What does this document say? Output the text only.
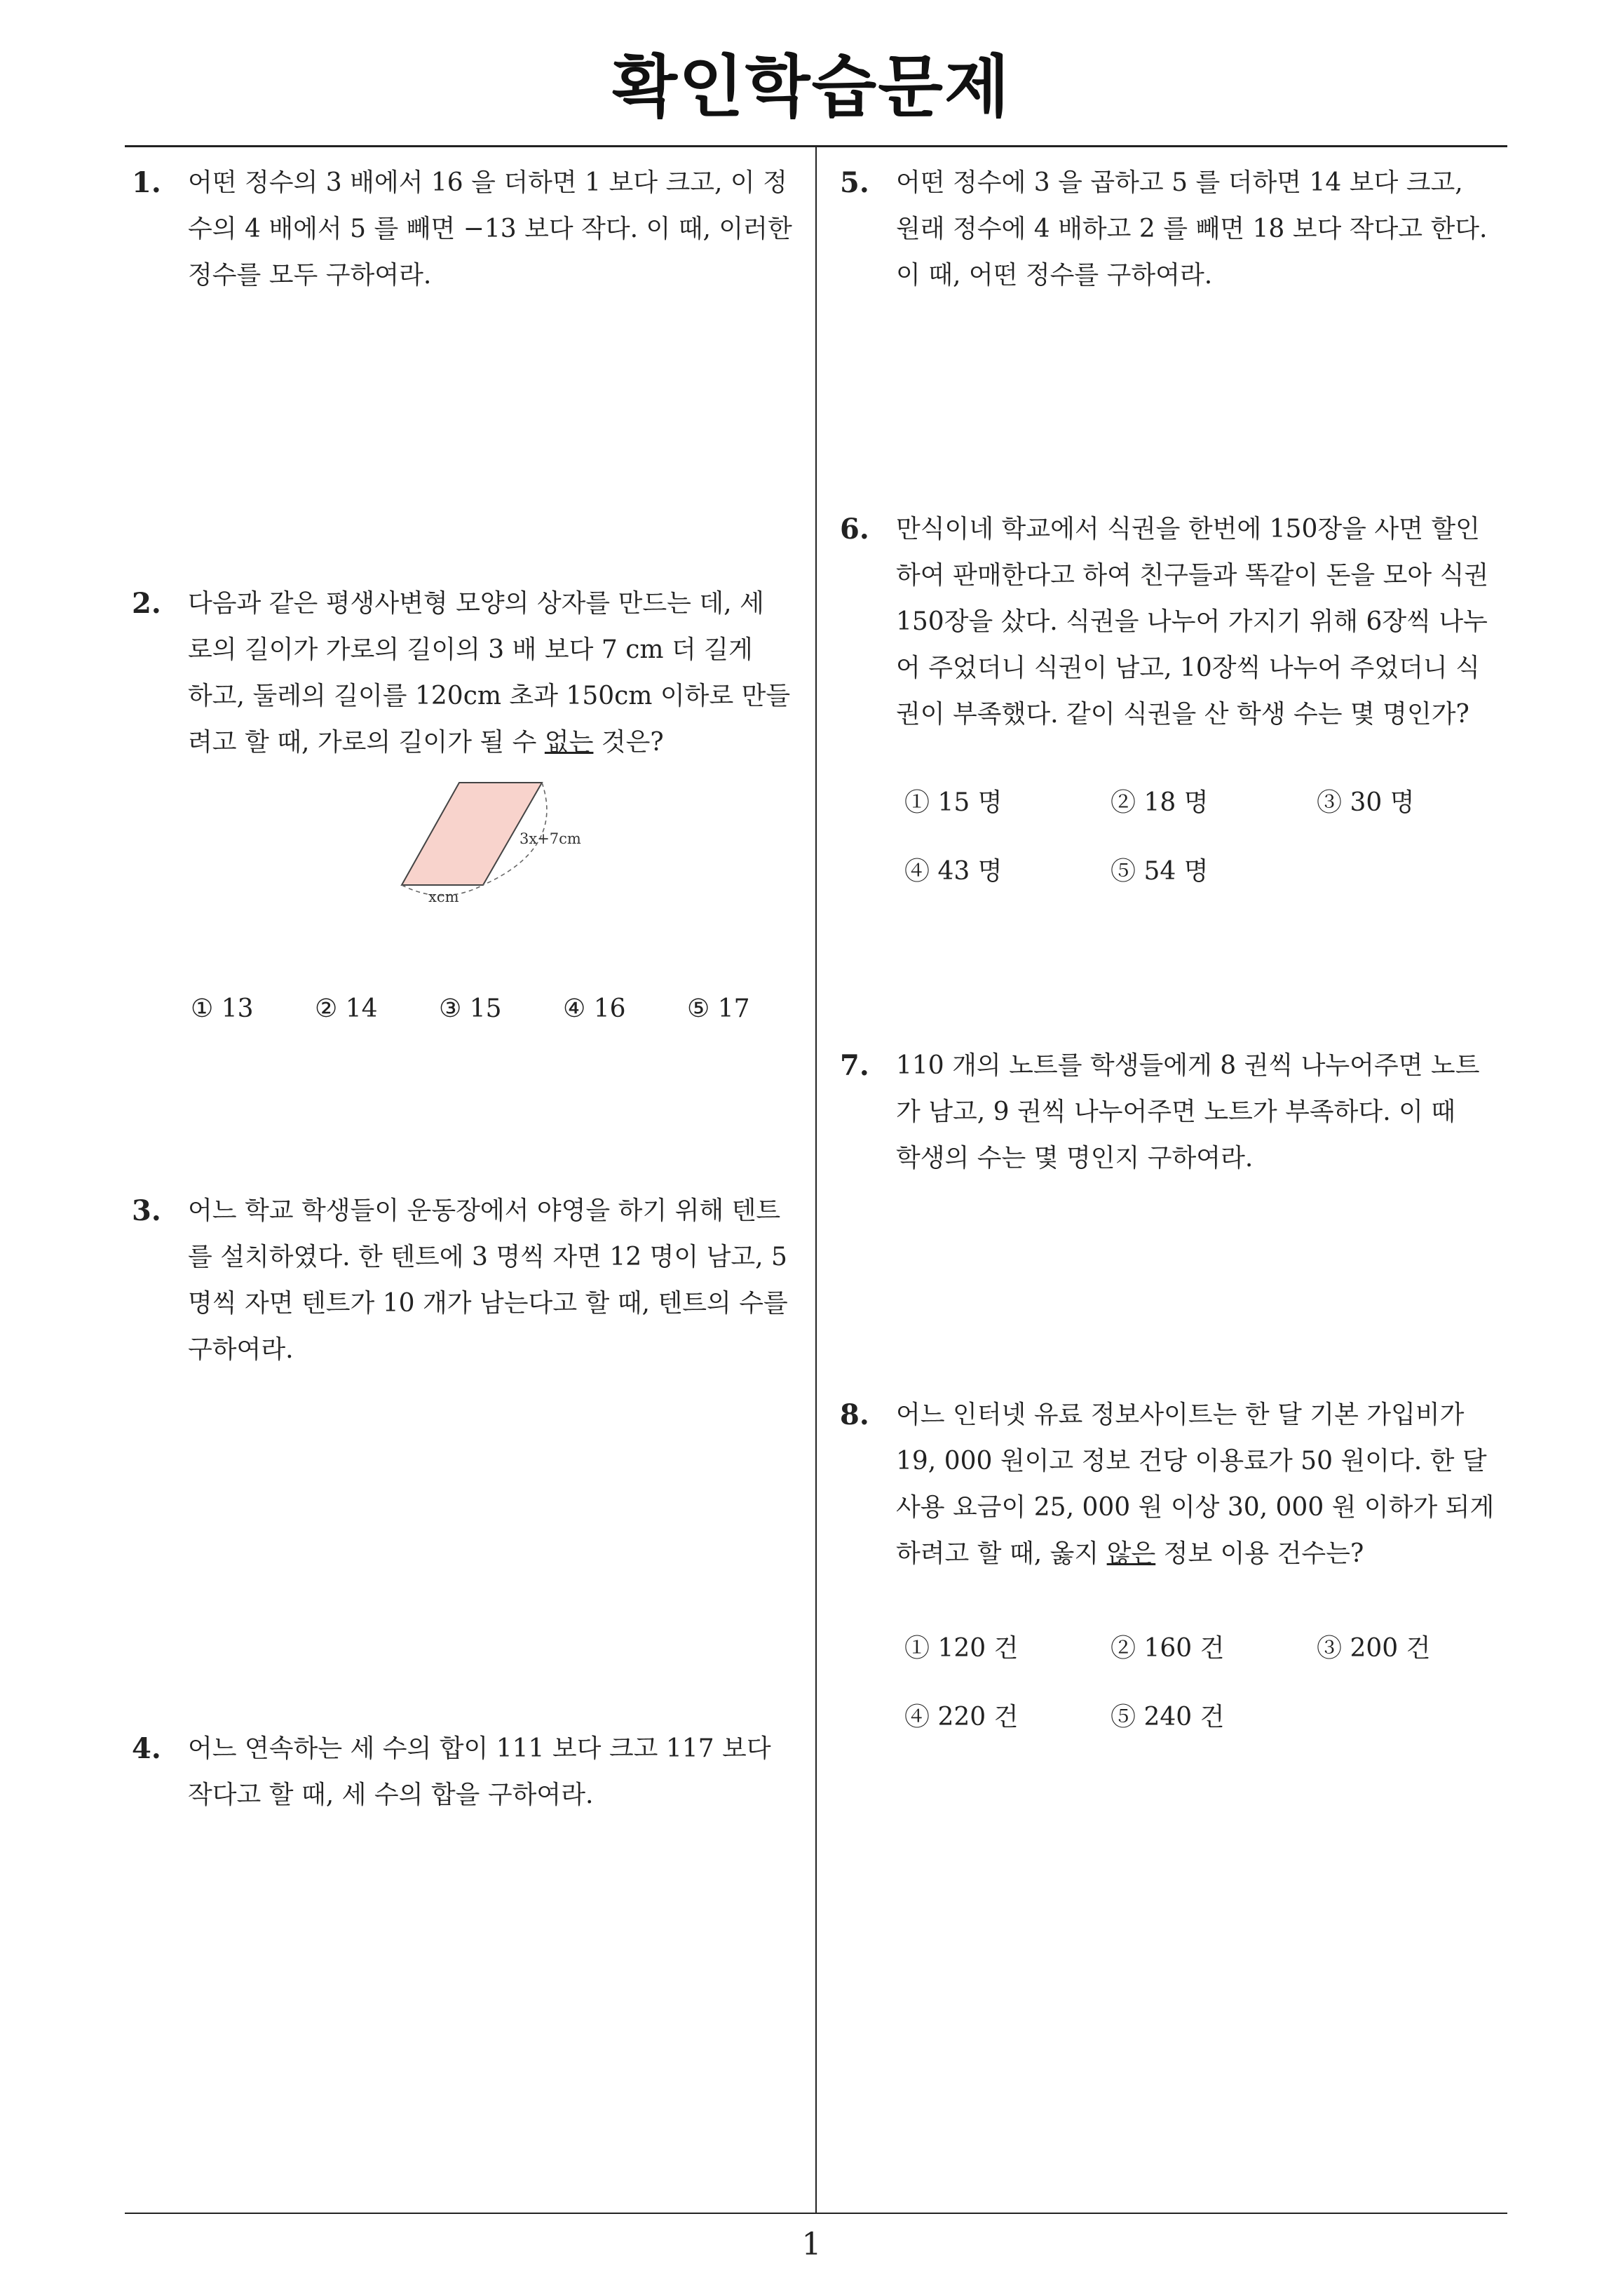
확인학습문제
1. 어떤 정수의 3 배에서 16 을 더하면 1 보다 크고, 이 정
수의 4 배에서 5 를 빼면 −13 보다 작다. 이 때, 이러한
정수를 모두 구하여라.
2. 다음과 같은 평생사변형 모양의 상자를 만드는 데, 세
로의 길이가 가로의 길이의 3 배 보다 7 cm 더 길게
하고, 둘레의 길이를 120cm 초과 150cm 이하로 만들
려고 할 때, 가로의 길이가 될 수 없는 것은?
3x+7cm
xcm
① 13 ② 14 ③ 15 ④ 16 ⑤ 17
3. 어느 학교 학생들이 운동장에서 야영을 하기 위해 텐트
를 설치하였다. 한 텐트에 3 명씩 자면 12 명이 남고, 5
명씩 자면 텐트가 10 개가 남는다고 할 때, 텐트의 수를
구하여라.
4. 어느 연속하는 세 수의 합이 111 보다 크고 117 보다
작다고 할 때, 세 수의 합을 구하여라.
5. 어떤 정수에 3 을 곱하고 5 를 더하면 14 보다 크고,
원래 정수에 4 배하고 2 를 빼면 18 보다 작다고 한다.
이 때, 어떤 정수를 구하여라.
6. 만식이네 학교에서 식권을 한번에 150장을 사면 할인
하여 판매한다고 하여 친구들과 똑같이 돈을 모아 식권
150장을 샀다. 식권을 나누어 가지기 위해 6장씩 나누
어 주었더니 식권이 남고, 10장씩 나누어 주었더니 식
권이 부족했다. 같이 식권을 산 학생 수는 몇 명인가?
① 15 명	② 18 명	③ 30 명
④ 43 명	⑤ 54 명
7. 110 개의 노트를 학생들에게 8 권씩 나누어주면 노트
가 남고, 9 권씩 나누어주면 노트가 부족하다. 이 때
학생의 수는 몇 명인지 구하여라.
8. 어느 인터넷 유료 정보사이트는 한 달 기본 가입비가
19, 000 원이고 정보 건당 이용료가 50 원이다. 한 달
사용 요금이 25, 000 원 이상 30, 000 원 이하가 되게
하려고 할 때, 옳지 않은 정보 이용 건수는?
① 120 건	② 160 건	③ 200 건
④ 220 건	⑤ 240 건
1
